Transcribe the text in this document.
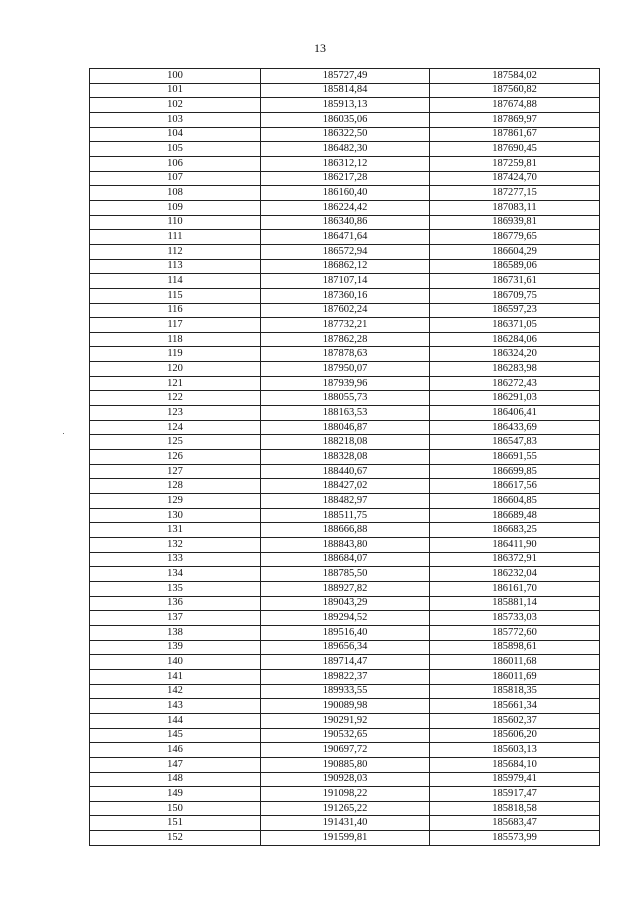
13
100	185727,49	187584,02
101	185814,84	187560,82
102	185913,13	187674,88
103	186035,06	187869,97
104	186322,50	187861,67
105	186482,30	187690,45
106	186312,12	187259,81
107	186217,28	187424,70
108	186160,40	187277,15
109	186224,42	187083,11
110	186340,86	186939,81
111	186471,64	186779,65
112	186572,94	186604,29
113	186862,12	186589,06
114	187107,14	186731,61
115	187360,16	186709,75
116	187602,24	186597,23
117	187732,21	186371,05
118	187862,28	186284,06
119	187878,63	186324,20
120	187950,07	186283,98
121	187939,96	186272,43
122	188055,73	186291,03
123	188163,53	186406,41
124	188046,87	186433,69
125	188218,08	186547,83
126	188328,08	186691,55
127	188440,67	186699,85
128	188427,02	186617,56
129	188482,97	186604,85
130	188511,75	186689,48
131	188666,88	186683,25
132	188843,80	186411,90
133	188684,07	186372,91
134	188785,50	186232,04
135	188927,82	186161,70
136	189043,29	185881,14
137	189294,52	185733,03
138	189516,40	185772,60
139	189656,34	185898,61
140	189714,47	186011,68
141	189822,37	186011,69
142	189933,55	185818,35
143	190089,98	185661,34
144	190291,92	185602,37
145	190532,65	185606,20
146	190697,72	185603,13
147	190885,80	185684,10
148	190928,03	185979,41
149	191098,22	185917,47
150	191265,22	185818,58
151	191431,40	185683,47
152	191599,81	185573,99
